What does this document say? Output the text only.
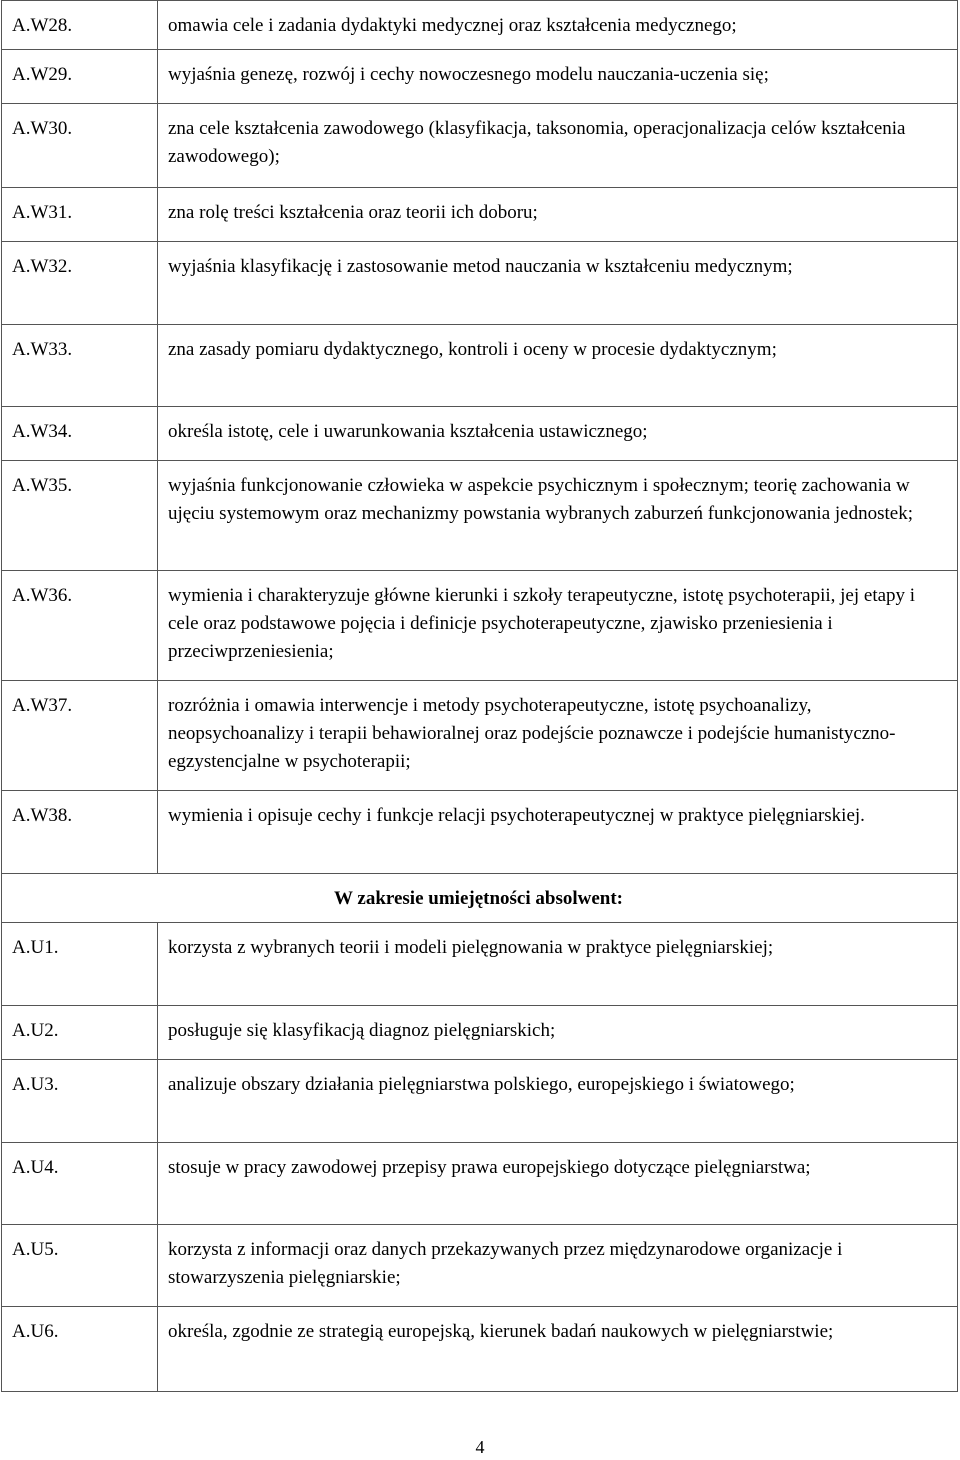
A.W28.	omawia cele i zadania dydaktyki medycznej oraz kształcenia medycznego;
A.W29.	wyjaśnia genezę, rozwój i cechy nowoczesnego modelu nauczania-uczenia się;
A.W30.	zna cele kształcenia zawodowego (klasyfikacja, taksonomia, operacjonalizacja celów kształcenia zawodowego);
A.W31.	zna rolę treści kształcenia oraz teorii ich doboru;
A.W32.	wyjaśnia klasyfikację i zastosowanie metod nauczania w kształceniu medycznym;
A.W33.	zna zasady pomiaru dydaktycznego, kontroli i oceny w procesie dydaktycznym;
A.W34.	określa istotę, cele i uwarunkowania kształcenia ustawicznego;
A.W35.	wyjaśnia funkcjonowanie człowieka w aspekcie psychicznym i społecznym; teorię zachowania w ujęciu systemowym oraz mechanizmy powstania wybranych zaburzeń funkcjonowania jednostek;
A.W36.	wymienia i charakteryzuje główne kierunki i szkoły terapeutyczne, istotę psychoterapii, jej etapy i cele oraz podstawowe pojęcia i definicje psychoterapeutyczne, zjawisko przeniesienia i przeciwprzeniesienia;
A.W37.	rozróżnia i omawia interwencje i metody psychoterapeutyczne, istotę psychoanalizy, neopsychoanalizy i terapii behawioralnej oraz podejście poznawcze i podejście humanistyczno-egzystencjalne w psychoterapii;
A.W38.	wymienia i opisuje cechy i funkcje relacji psychoterapeutycznej w praktyce pielęgniarskiej.
W zakresie umiejętności absolwent:	
A.U1.	korzysta z wybranych teorii i modeli pielęgnowania w praktyce pielęgniarskiej;
A.U2.	posługuje się klasyfikacją diagnoz pielęgniarskich;
A.U3.	analizuje obszary działania pielęgniarstwa polskiego, europejskiego i światowego;
A.U4.	stosuje w pracy zawodowej przepisy prawa europejskiego dotyczące pielęgniarstwa;
A.U5.	korzysta z informacji oraz danych przekazywanych przez międzynarodowe organizacje i stowarzyszenia pielęgniarskie;
A.U6.	określa, zgodnie ze strategią europejską, kierunek badań naukowych w pielęgniarstwie;
4
